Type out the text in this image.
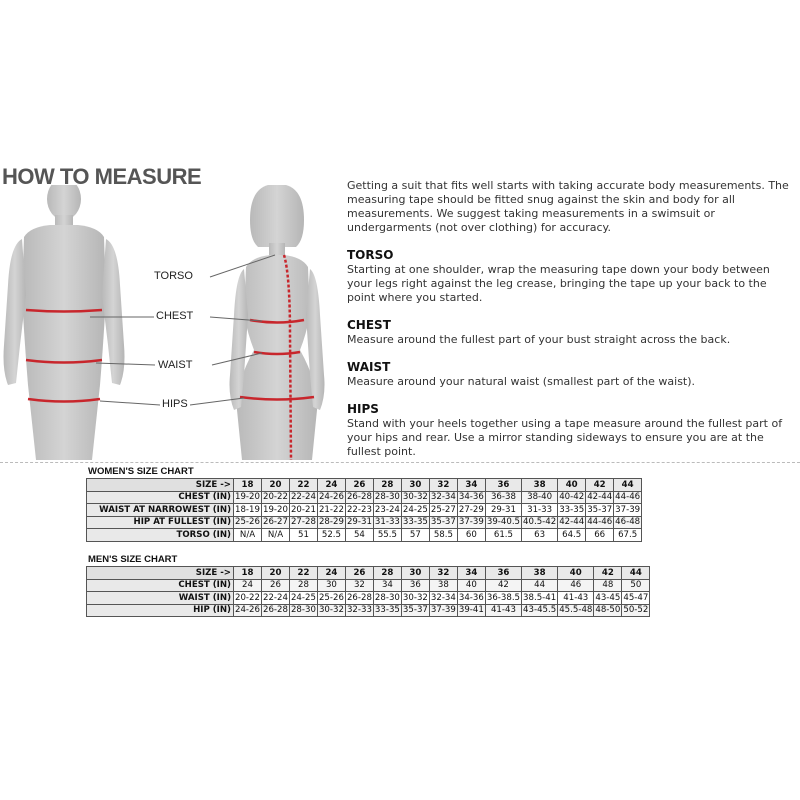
HOW TO MEASURE
TORSO
CHEST
WAIST
HIPS

Getting a suit that fits well starts with taking accurate body measurements. The measuring tape should be fitted snug against the skin and body for all measurements. We suggest taking measurements in a swimsuit or undergarments (not over clothing) for accuracy.

TORSO

Starting at one shoulder, wrap the measuring tape down your body between your legs right against the leg crease, bringing the tape up your back to the point where you started.

CHEST

Measure around the fullest part of your bust straight across the back.

WAIST

Measure around your natural waist (smallest part of the waist).

HIPS

Stand with your heels together using a tape measure around the fullest part of your hips and rear. Use a mirror standing sideways to ensure you are at the fullest point.

WOMEN'S SIZE CHART
SIZE ->	18	20	22	24	26	28	30	32	34	36	38	40	42	44
CHEST (IN)	19-20	20-22	22-24	24-26	26-28	28-30	30-32	32-34	34-36	36-38	38-40	40-42	42-44	44-46
WAIST AT NARROWEST (IN)	18-19	19-20	20-21	21-22	22-23	23-24	24-25	25-27	27-29	29-31	31-33	33-35	35-37	37-39
HIP AT FULLEST (IN)	25-26	26-27	27-28	28-29	29-31	31-33	33-35	35-37	37-39	39-40.5	40.5-42	42-44	44-46	46-48
TORSO (IN)	N/A	N/A	51	52.5	54	55.5	57	58.5	60	61.5	63	64.5	66	67.5
MEN'S SIZE CHART
SIZE ->	18	20	22	24	26	28	30	32	34	36	38	40	42	44
CHEST (IN)	24	26	28	30	32	34	36	38	40	42	44	46	48	50
WAIST (IN)	20-22	22-24	24-25	25-26	26-28	28-30	30-32	32-34	34-36	36-38.5	38.5-41	41-43	43-45	45-47
HIP (IN)	24-26	26-28	28-30	30-32	32-33	33-35	35-37	37-39	39-41	41-43	43-45.5	45.5-48	48-50	50-52
